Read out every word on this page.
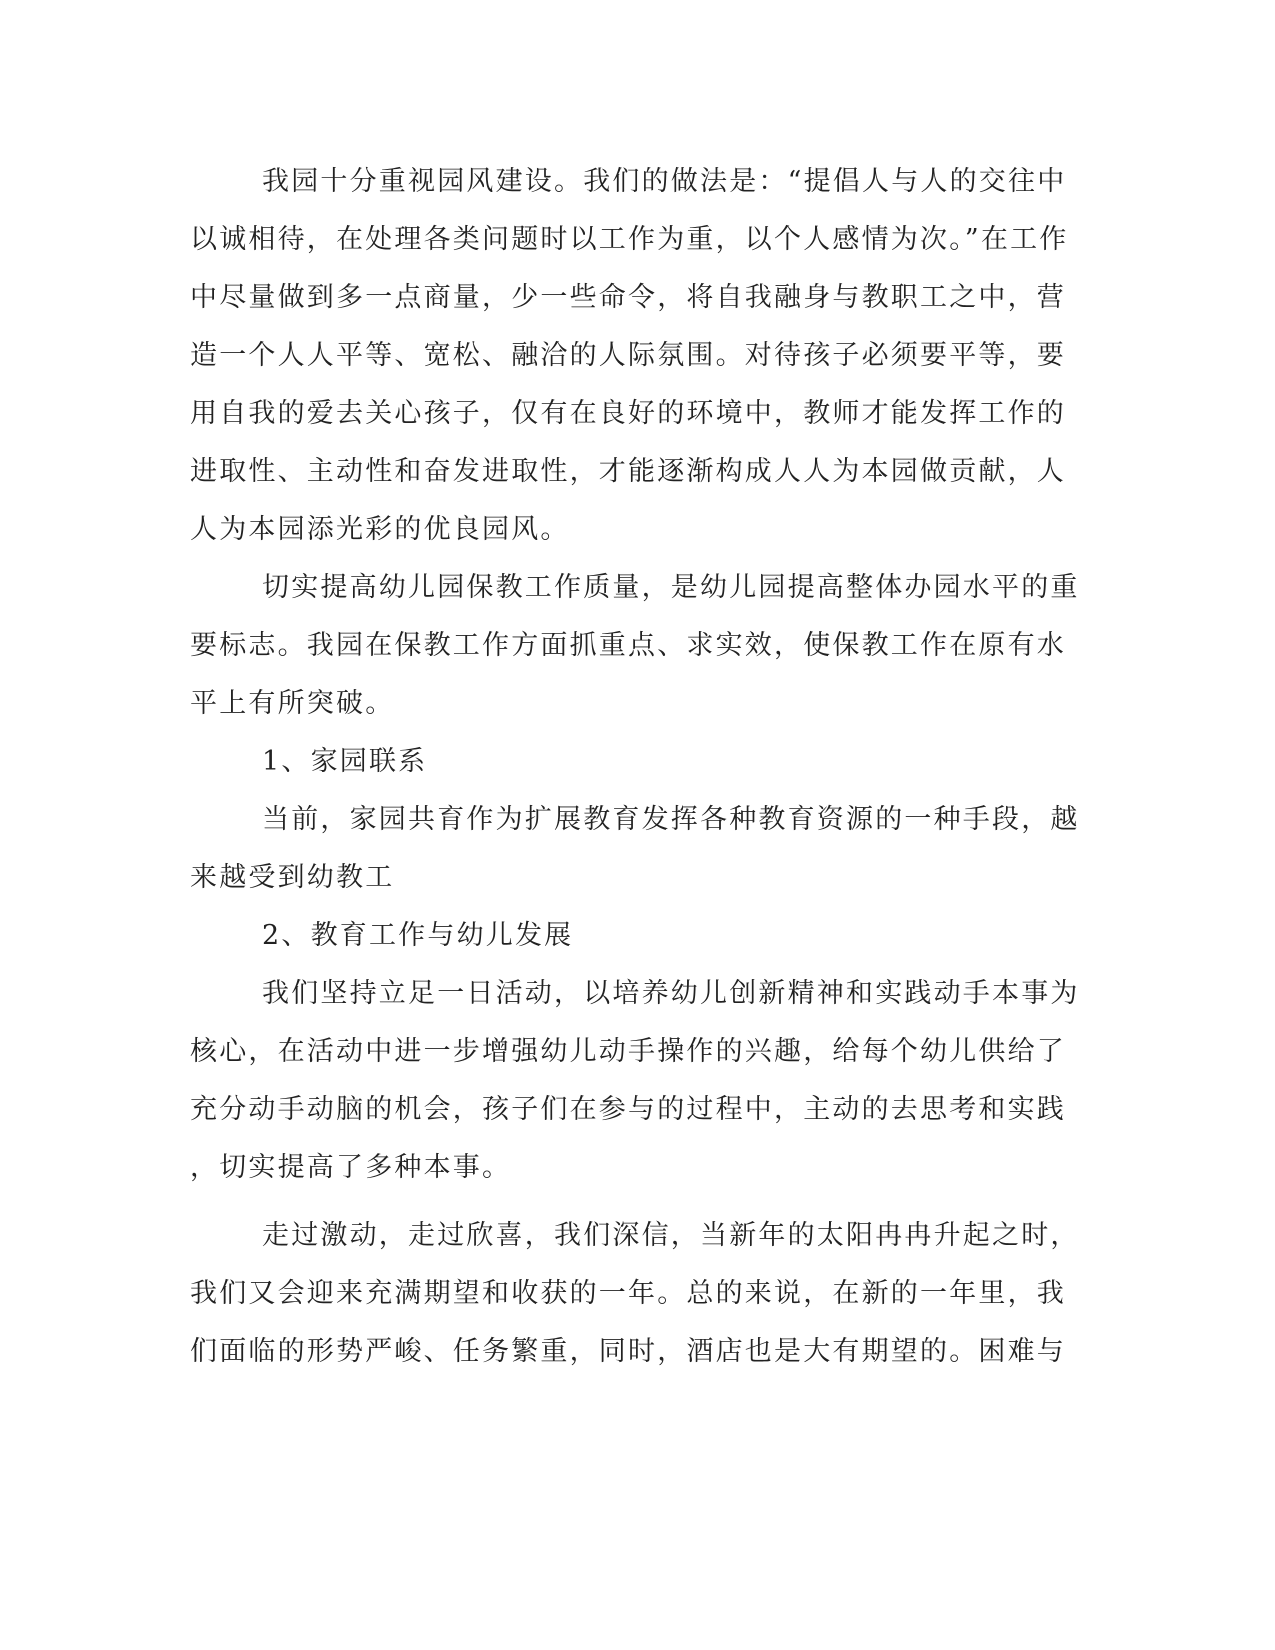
我园十分重视园风建设。我们的做法是：“提倡人与人的交往中
以诚相待，在处理各类问题时以工作为重，以个人感情为次。”在工作
中尽量做到多一点商量，少一些命令，将自我融身与教职工之中，营
造一个人人平等、宽松、融洽的人际氛围。对待孩子必须要平等，要
用自我的爱去关心孩子，仅有在良好的环境中，教师才能发挥工作的
进取性、主动性和奋发进取性，才能逐渐构成人人为本园做贡献，人
人为本园添光彩的优良园风。
切实提高幼儿园保教工作质量，是幼儿园提高整体办园水平的重
要标志。我园在保教工作方面抓重点、求实效，使保教工作在原有水
平上有所突破。
1、家园联系
当前，家园共育作为扩展教育发挥各种教育资源的一种手段，越
来越受到幼教工
2、教育工作与幼儿发展
我们坚持立足一日活动，以培养幼儿创新精神和实践动手本事为
核心，在活动中进一步增强幼儿动手操作的兴趣，给每个幼儿供给了
充分动手动脑的机会，孩子们在参与的过程中，主动的去思考和实践
，切实提高了多种本事。
走过激动，走过欣喜，我们深信，当新年的太阳冉冉升起之时，
我们又会迎来充满期望和收获的一年。总的来说，在新的一年里，我
们面临的形势严峻、任务繁重，同时，酒店也是大有期望的。困难与
